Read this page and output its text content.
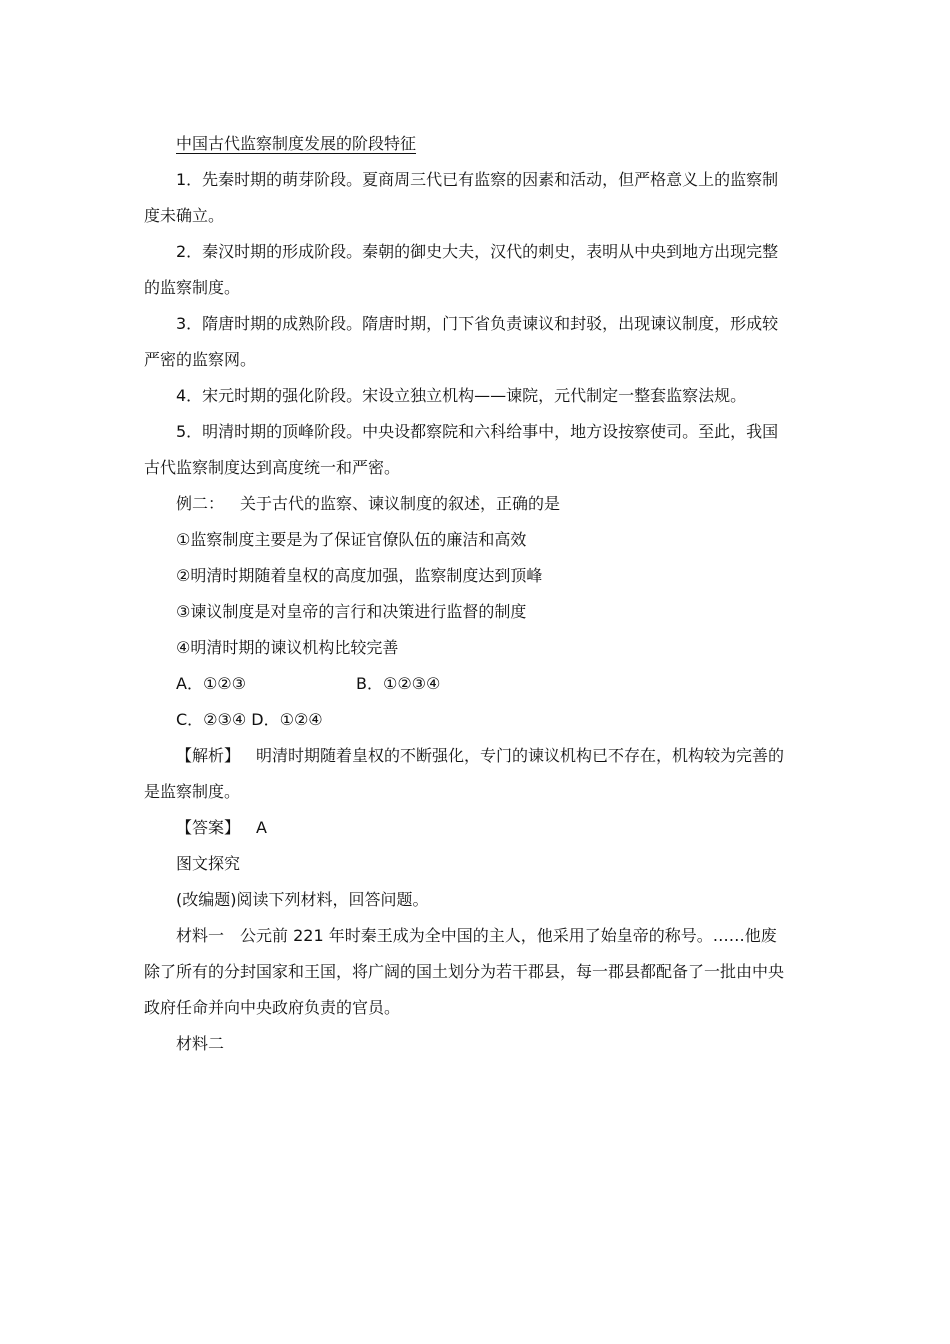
中国古代监察制度发展的阶段特征
1．先秦时期的萌芽阶段。夏商周三代已有监察的因素和活动，但严格意义上的监察制
度未确立。
2．秦汉时期的形成阶段。秦朝的御史大夫，汉代的刺史，表明从中央到地方出现完整
的监察制度。
3．隋唐时期的成熟阶段。隋唐时期，门下省负责谏议和封驳，出现谏议制度，形成较
严密的监察网。
4．宋元时期的强化阶段。宋设立独立机构——谏院，元代制定一整套监察法规。
5．明清时期的顶峰阶段。中央设都察院和六科给事中，地方设按察使司。至此，我国
古代监察制度达到高度统一和严密。
例二： 关于古代的监察、谏议制度的叙述，正确的是
①监察制度主要是为了保证官僚队伍的廉洁和高效
②明清时期随着皇权的高度加强，监察制度达到顶峰
③谏议制度是对皇帝的言行和决策进行监督的制度
④明清时期的谏议机构比较完善
A．①②③	B．①②③④
C．②③④ D．①②④
【解析】 明清时期随着皇权的不断强化，专门的谏议机构已不存在，机构较为完善的
是监察制度。
【答案】 A
图文探究
(改编题)阅读下列材料，回答问题。
材料一 公元前 221 年时秦王成为全中国的主人，他采用了始皇帝的称号。……他废
除了所有的分封国家和王国，将广阔的国土划分为若干郡县，每一郡县都配备了一批由中央
政府任命并向中央政府负责的官员。
材料二
